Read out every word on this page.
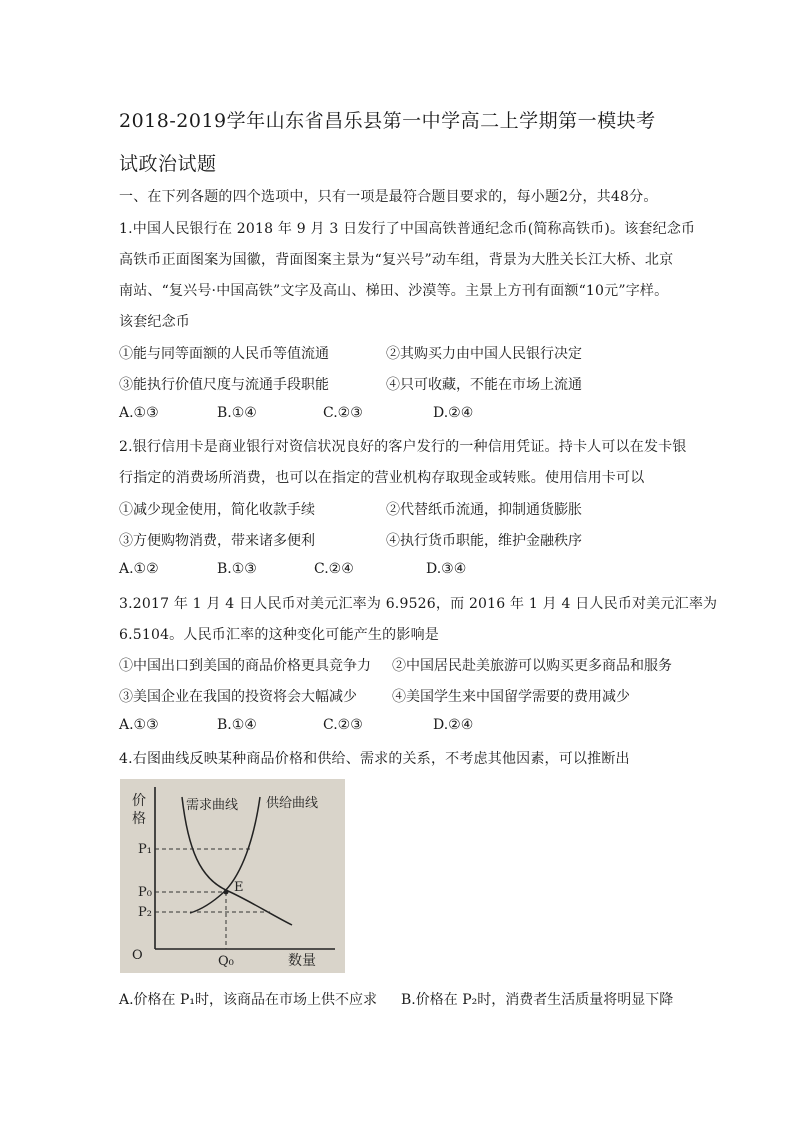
2018-2019学年山东省昌乐县第一中学高二上学期第一模块考
试政治试题
一、在下列各题的四个选项中，只有一项是最符合题目要求的，每小题2分，共48分。
1.中国人民银行在 2018 年 9 月 3 日发行了中国高铁普通纪念币(简称高铁币)。该套纪念币
高铁币正面图案为国徽，背面图案主景为“复兴号”动车组，背景为大胜关长江大桥、北京
南站、“复兴号·中国高铁”文字及高山、梯田、沙漠等。主景上方刊有面额“10元”字样。
该套纪念币
①能与同等面额的人民币等值流通	②其购买力由中国人民银行决定
③能执行价值尺度与流通手段职能	④只可收藏，不能在市场上流通
A.①③	B.①④	C.②③	D.②④
2.银行信用卡是商业银行对资信状况良好的客户发行的一种信用凭证。持卡人可以在发卡银
行指定的消费场所消费，也可以在指定的营业机构存取现金或转账。使用信用卡可以
①减少现金使用，简化收款手续	②代替纸币流通，抑制通货膨胀
③方便购物消费，带来诸多便利	④执行货币职能，维护金融秩序
A.①②	B.①③	C.②④	D.③④
3.2017 年 1 月 4 日人民币对美元汇率为 6.9526，而 2016 年 1 月 4 日人民币对美元汇率为
6.5104。人民币汇率的这种变化可能产生的影响是
①中国出口到美国的商品价格更具竞争力 ②中国居民赴美旅游可以购买更多商品和服务
③美国企业在我国的投资将会大幅减少	④美国学生来中国留学需要的费用减少
A.①③	B.①④	C.②③	D.②④
4.右图曲线反映某种商品价格和供给、需求的关系，不考虑其他因素，可以推断出
价
格
需求曲线 供给曲线
P₁
P₀
P₂
E
O	Q₀	数量
A.价格在 P₁时，该商品在市场上供不应求 B.价格在 P₂时，消费者生活质量将明显下降
